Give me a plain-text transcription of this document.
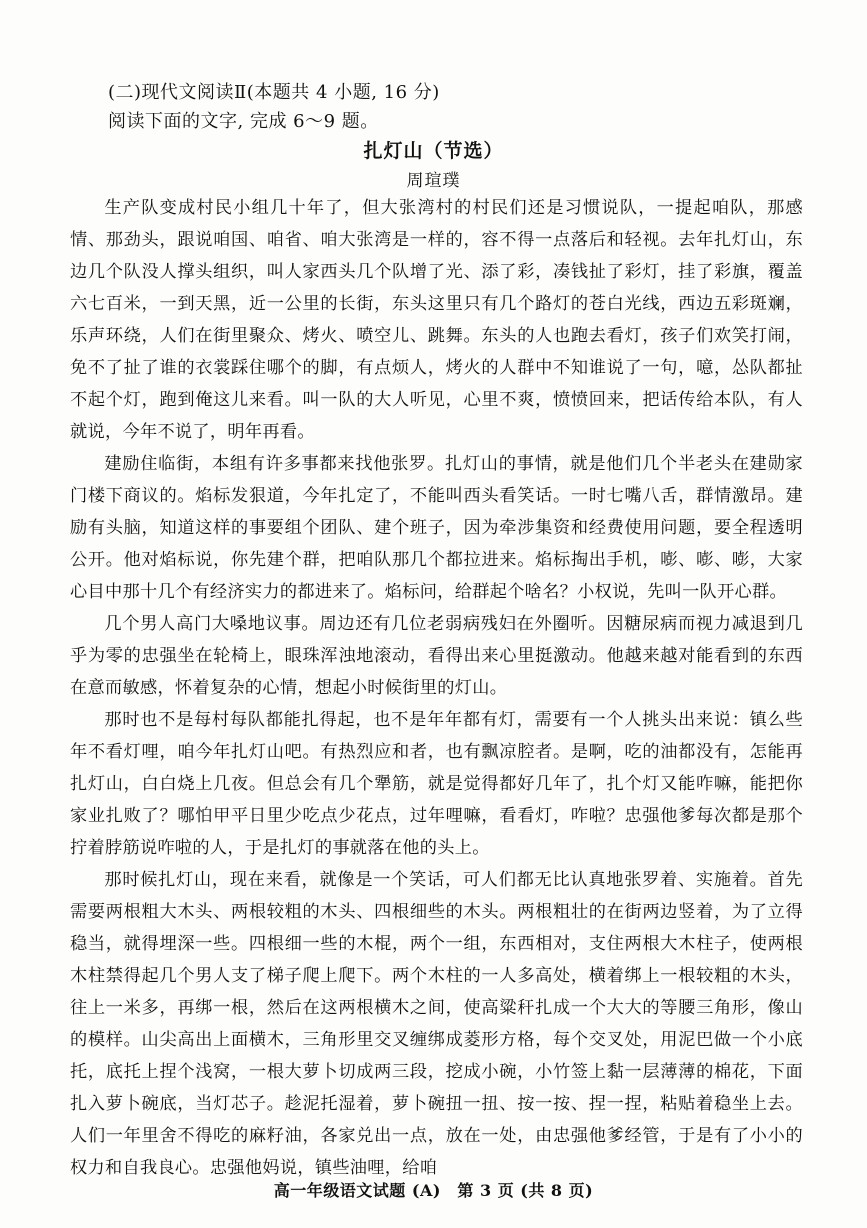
(二)现代文阅读Ⅱ(本题共 4 小题, 16 分)
阅读下面的文字, 完成 6～9 题。
扎灯山（节选）
周瑄璞

生产队变成村民小组几十年了，但大张湾村的村民们还是习惯说队，一提起咱队，那感情、那劲头，跟说咱国、咱省、咱大张湾是一样的，容不得一点落后和轻视。去年扎灯山，东边几个队没人撑头组织，叫人家西头几个队增了光、添了彩，凑钱扯了彩灯，挂了彩旗，覆盖六七百米，一到天黑，近一公里的长街，东头这里只有几个路灯的苍白光线，西边五彩斑斓，乐声环绕，人们在街里聚众、烤火、喷空儿、跳舞。东头的人也跑去看灯，孩子们欢笑打闹，免不了扯了谁的衣裳踩住哪个的脚，有点烦人，烤火的人群中不知谁说了一句，噫，怂队都扯不起个灯，跑到俺这儿来看。叫一队的大人听见，心里不爽，愤愤回来，把话传给本队，有人就说，今年不说了，明年再看。

建励住临街，本组有许多事都来找他张罗。扎灯山的事情，就是他们几个半老头在建勋家门楼下商议的。焰标发狠道，今年扎定了，不能叫西头看笑话。一时七嘴八舌，群情激昂。建励有头脑，知道这样的事要组个团队、建个班子，因为牵涉集资和经费使用问题，要全程透明公开。他对焰标说，你先建个群，把咱队那几个都拉进来。焰标掏出手机，嘭、嘭、嘭，大家心目中那十几个有经济实力的都进来了。焰标问，给群起个啥名？小权说，先叫一队开心群。

几个男人高门大嗓地议事。周边还有几位老弱病残妇在外圈听。因糖尿病而视力减退到几乎为零的忠强坐在轮椅上，眼珠浑浊地滚动，看得出来心里挺激动。他越来越对能看到的东西在意而敏感，怀着复杂的心情，想起小时候街里的灯山。

那时也不是每村每队都能扎得起，也不是年年都有灯，需要有一个人挑头出来说：镇么些年不看灯哩，咱今年扎灯山吧。有热烈应和者，也有飘凉腔者。是啊，吃的油都没有，怎能再扎灯山，白白烧上几夜。但总会有几个犟筋，就是觉得都好几年了，扎个灯又能咋嘛，能把你家业扎败了？哪怕甲平日里少吃点少花点，过年哩嘛，看看灯，咋啦？忠强他爹每次都是那个拧着脖筋说咋啦的人，于是扎灯的事就落在他的头上。

那时候扎灯山，现在来看，就像是一个笑话，可人们都无比认真地张罗着、实施着。首先需要两根粗大木头、两根较粗的木头、四根细些的木头。两根粗壮的在街两边竖着，为了立得稳当，就得埋深一些。四根细一些的木棍，两个一组，东西相对，支住两根大木柱子，使两根木柱禁得起几个男人支了梯子爬上爬下。两个木柱的一人多高处，横着绑上一根较粗的木头，往上一米多，再绑一根，然后在这两根横木之间，使高粱秆扎成一个大大的等腰三角形，像山的模样。山尖高出上面横木，三角形里交叉缠绑成菱形方格，每个交叉处，用泥巴做一个小底托，底托上捏个浅窝，一根大萝卜切成两三段，挖成小碗，小竹签上黏一层薄薄的棉花，下面扎入萝卜碗底，当灯芯子。趁泥托湿着，萝卜碗扭一扭、按一按、捏一捏，粘贴着稳坐上去。人们一年里舍不得吃的麻籽油，各家兑出一点，放在一处，由忠强他爹经管，于是有了小小的权力和自我良心。忠强他妈说，镇些油哩，给咱

高一年级语文试题 (A)　第 3 页 (共 8 页)
